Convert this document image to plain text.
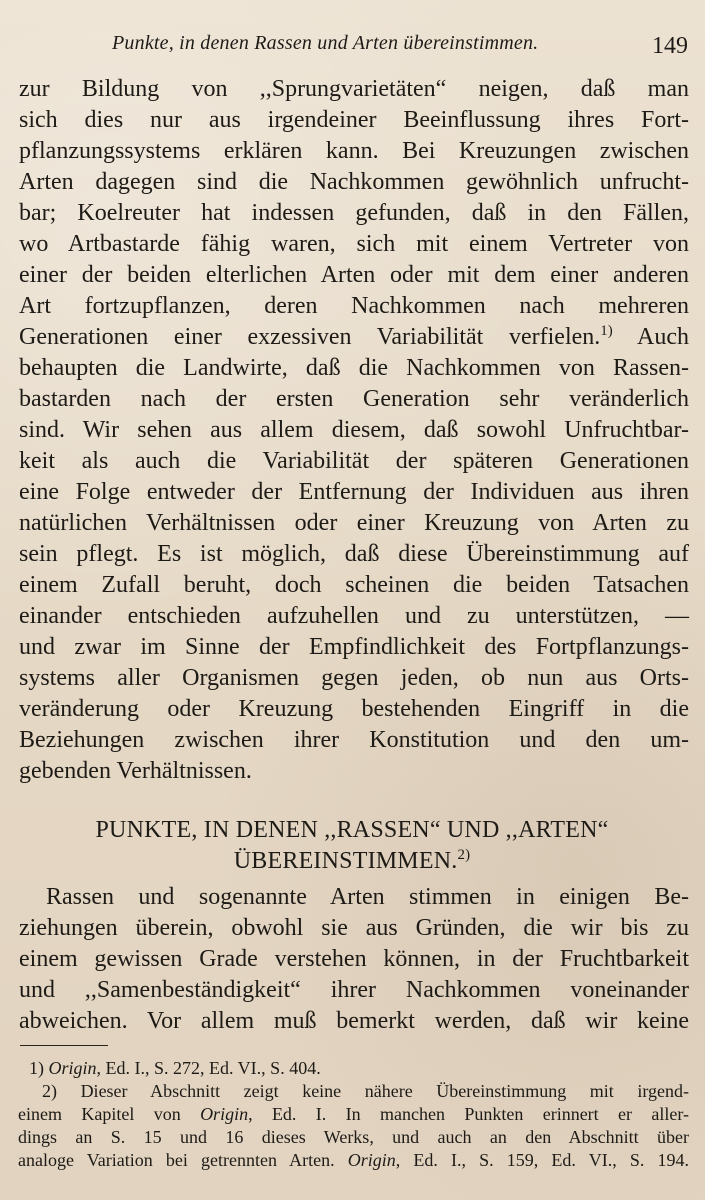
Punkte, in denen Rassen und Arten übereinstimmen.	149
zur Bildung von ,,Sprungvarietäten“ neigen, daß man
sich dies nur aus irgendeiner Beeinflussung ihres Fort-
pflanzungssystems erklären kann. Bei Kreuzungen zwischen
Arten dagegen sind die Nachkommen gewöhnlich unfrucht-
bar; Koelreuter hat indessen gefunden, daß in den Fällen,
wo Artbastarde fähig waren, sich mit einem Vertreter von
einer der beiden elterlichen Arten oder mit dem einer anderen
Art fortzupflanzen, deren Nachkommen nach mehreren
Generationen einer exzessiven Variabilität verfielen.$^{1)}$ Auch
behaupten die Landwirte, daß die Nachkommen von Rassen-
bastarden nach der ersten Generation sehr veränderlich
sind. Wir sehen aus allem diesem, daß sowohl Unfruchtbar-
keit als auch die Variabilität der späteren Generationen
eine Folge entweder der Entfernung der Individuen aus ihren
natürlichen Verhältnissen oder einer Kreuzung von Arten zu
sein pflegt. Es ist möglich, daß diese Übereinstimmung auf
einem Zufall beruht, doch scheinen die beiden Tatsachen
einander entschieden aufzuhellen und zu unterstützen, —
und zwar im Sinne der Empfindlichkeit des Fortpflanzungs-
systems aller Organismen gegen jeden, ob nun aus Orts-
veränderung oder Kreuzung bestehenden Eingriff in die
Beziehungen zwischen ihrer Konstitution und den um-
gebenden Verhältnissen.
PUNKTE, IN DENEN ,,RASSEN“ UND ,,ARTEN“
ÜBEREINSTIMMEN.$^{2)}$
Rassen und sogenannte Arten stimmen in einigen Be-
ziehungen überein, obwohl sie aus Gründen, die wir bis zu
einem gewissen Grade verstehen können, in der Fruchtbarkeit
und ,,Samenbeständigkeit“ ihrer Nachkommen voneinander
abweichen. Vor allem muß bemerkt werden, daß wir keine
1) Origin, Ed. I., S. 272, Ed. VI., S. 404.
2) Dieser Abschnitt zeigt keine nähere Übereinstimmung mit irgend-
einem Kapitel von Origin, Ed. I. In manchen Punkten erinnert er aller-
dings an S. 15 und 16 dieses Werks, und auch an den Abschnitt über
analoge Variation bei getrennten Arten. Origin, Ed. I., S. 159, Ed. VI., S. 194.
